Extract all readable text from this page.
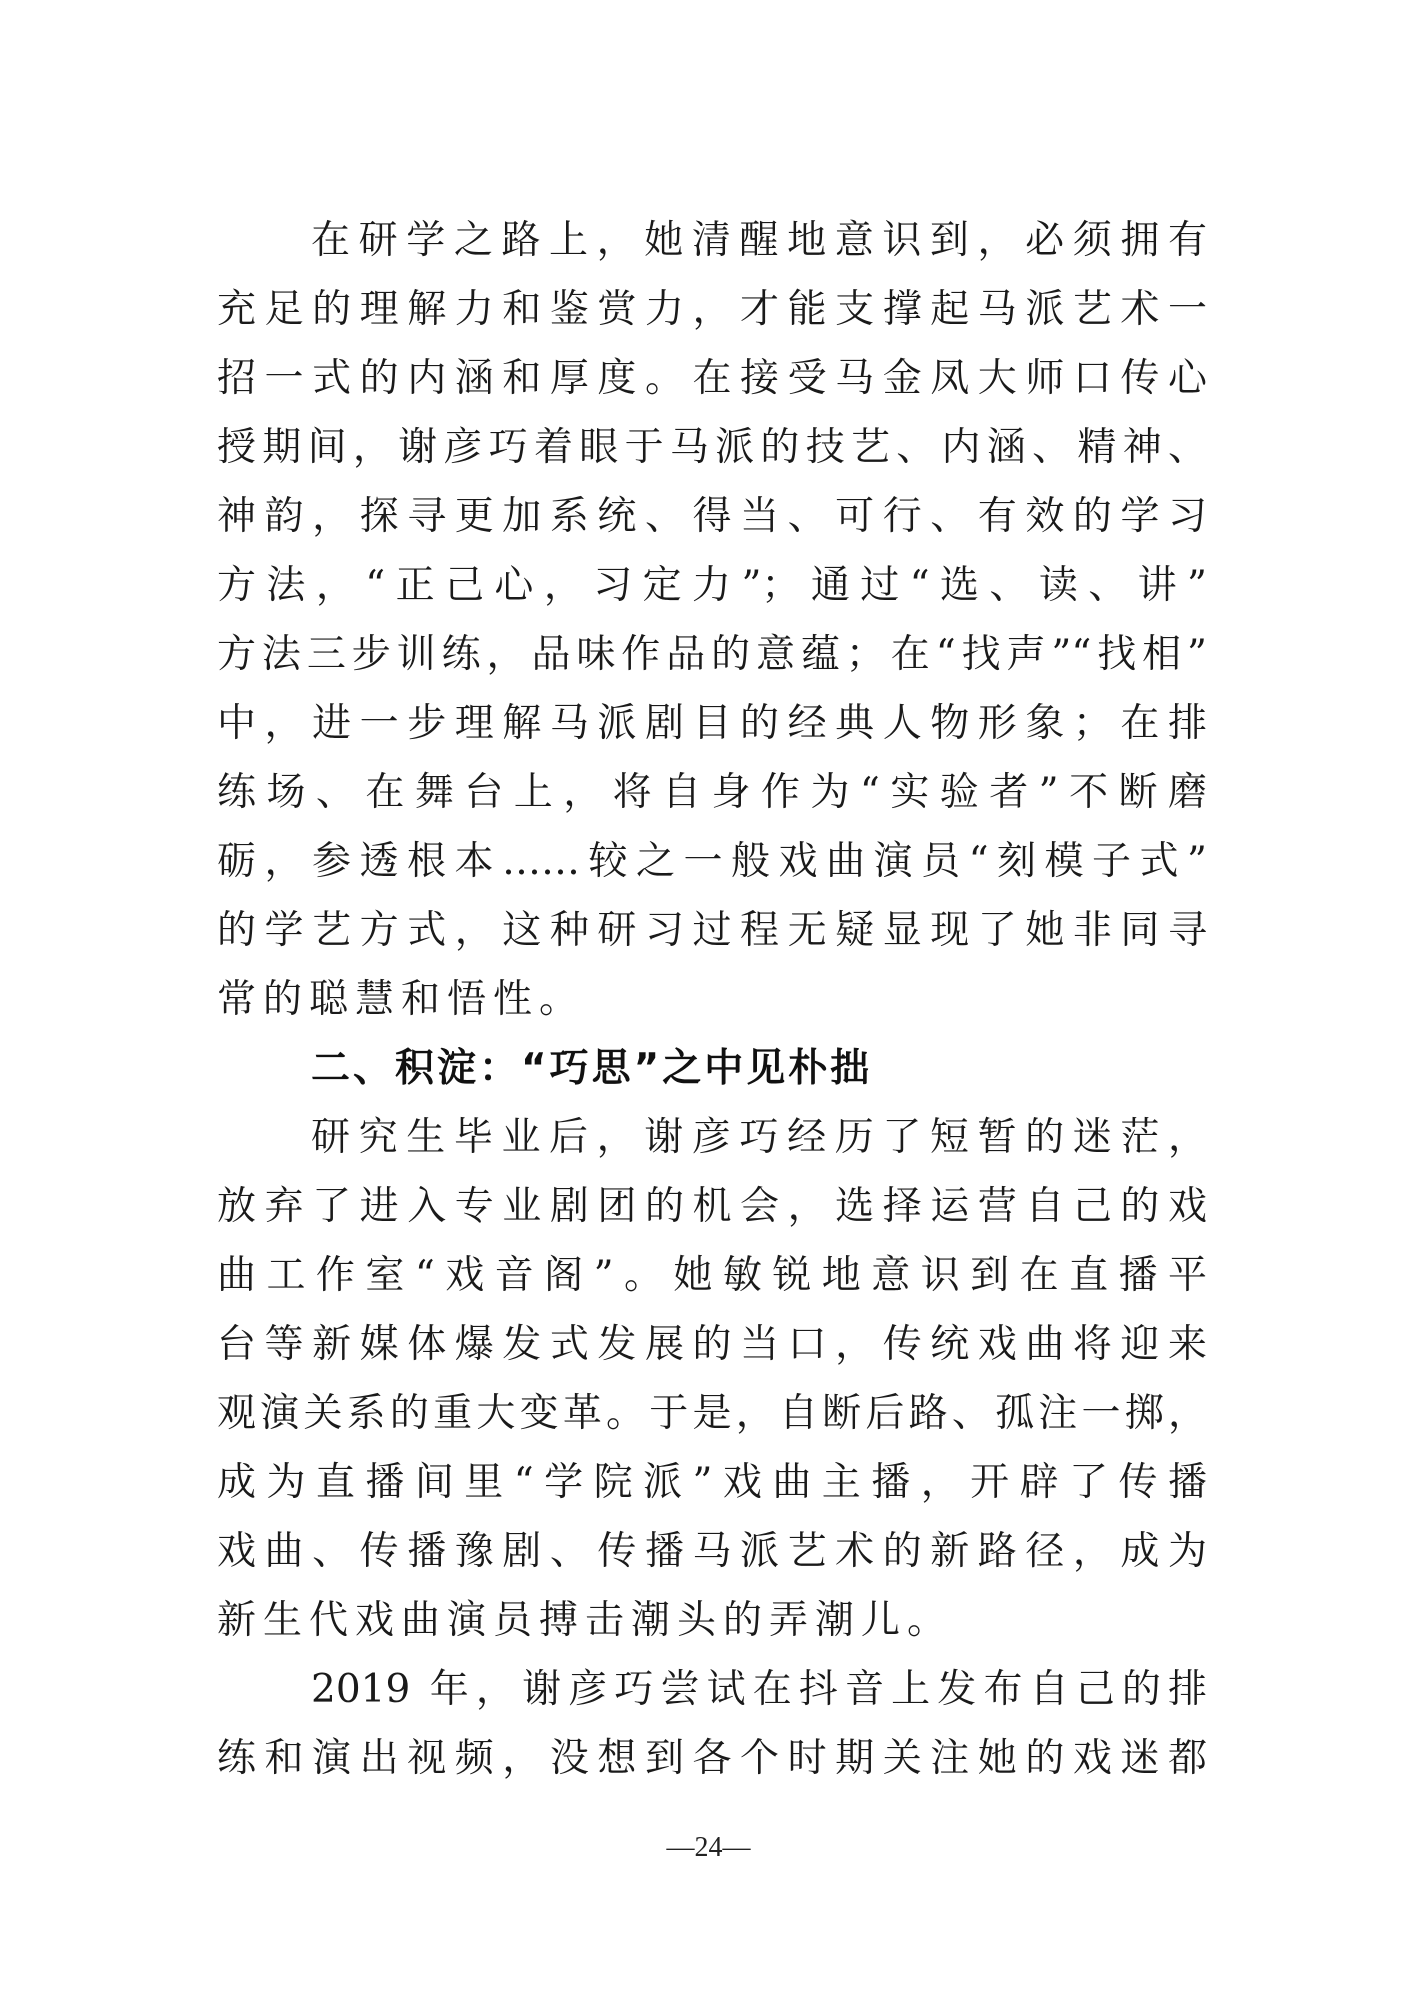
在研学之路上，她清醒地意识到，必须拥有
充足的理解力和鉴赏力，才能支撑起马派艺术一
招一式的内涵和厚度。在接受马金凤大师口传心
授期间，谢彦巧着眼于马派的技艺、内涵、精神、
神韵，探寻更加系统、得当、可行、有效的学习
方法，“正己心，习定力”；通过“选、读、讲”
方法三步训练，品味作品的意蕴；在“找声”“找相”
中，进一步理解马派剧目的经典人物形象；在排
练场、在舞台上，将自身作为“实验者”不断磨
砺，参透根本……较之一般戏曲演员“刻模子式”
的学艺方式，这种研习过程无疑显现了她非同寻
常的聪慧和悟性。
二、积淀：“巧思”之中见朴拙
研究生毕业后，谢彦巧经历了短暂的迷茫，
放弃了进入专业剧团的机会，选择运营自己的戏
曲工作室“戏音阁”。她敏锐地意识到在直播平
台等新媒体爆发式发展的当口，传统戏曲将迎来
观演关系的重大变革。于是，自断后路、孤注一掷，
成为直播间里“学院派”戏曲主播，开辟了传播
戏曲、传播豫剧、传播马派艺术的新路径，成为
新生代戏曲演员搏击潮头的弄潮儿。
2019 年，谢彦巧尝试在抖音上发布自己的排
练和演出视频，没想到各个时期关注她的戏迷都
—24—
